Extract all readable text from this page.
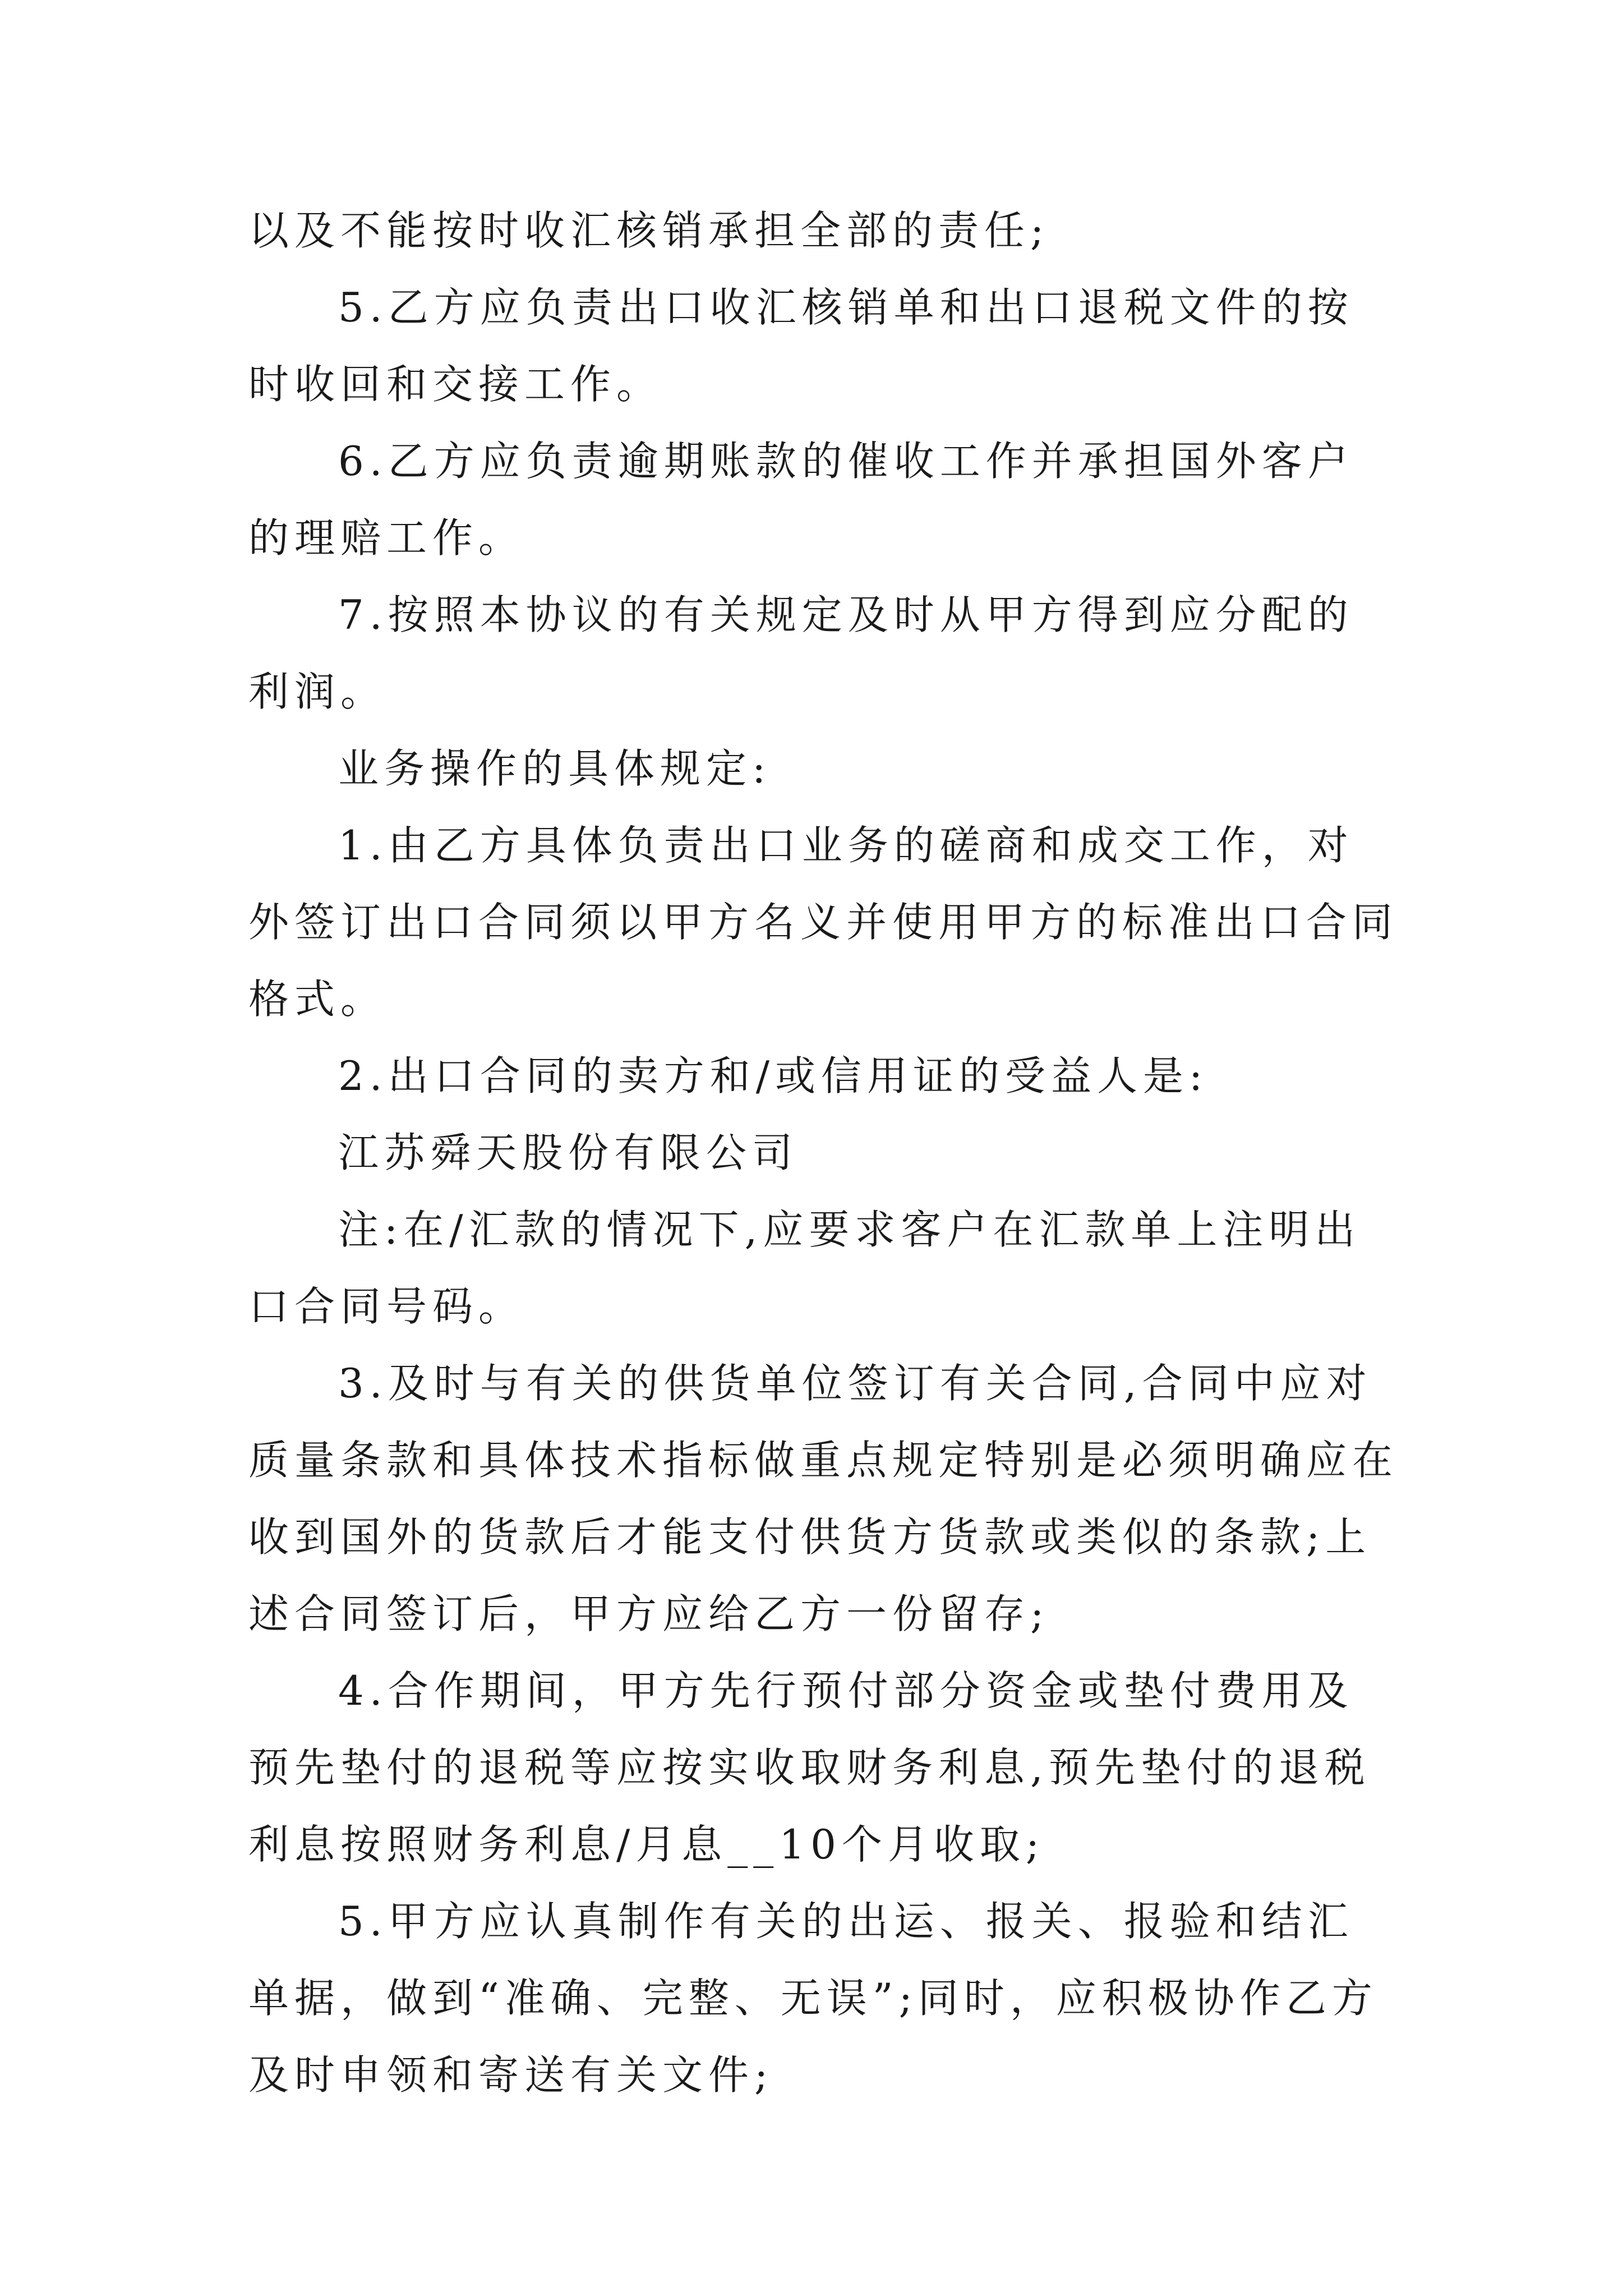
以及不能按时收汇核销承担全部的责任;

5.乙方应负责出口收汇核销单和出口退税文件的按时收回和交接工作。

6.乙方应负责逾期账款的催收工作并承担国外客户的理赔工作。

7.按照本协议的有关规定及时从甲方得到应分配的利润。

业务操作的具体规定:

1.由乙方具体负责出口业务的磋商和成交工作，对外签订出口合同须以甲方名义并使用甲方的标准出口合同格式。

2.出口合同的卖方和/或信用证的受益人是:

江苏舜天股份有限公司

注:在/汇款的情况下,应要求客户在汇款单上注明出口合同号码。

3.及时与有关的供货单位签订有关合同,合同中应对质量条款和具体技术指标做重点规定特别是必须明确应在收到国外的货款后才能支付供货方货款或类似的条款;上述合同签订后，甲方应给乙方一份留存;

4.合作期间，甲方先行预付部分资金或垫付费用及预先垫付的退税等应按实收取财务利息,预先垫付的退税利息按照财务利息/月息__10个月收取;

5.甲方应认真制作有关的出运、报关、报验和结汇单据，做到“准确、完整、无误”;同时，应积极协作乙方及时申领和寄送有关文件;
